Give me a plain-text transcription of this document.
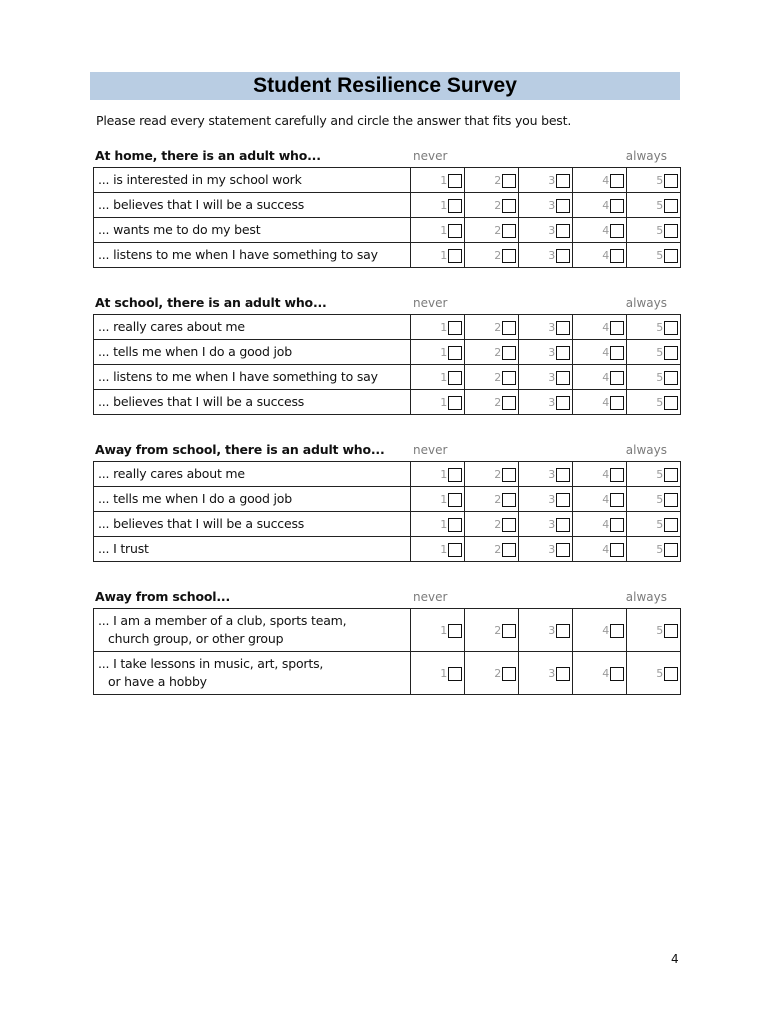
Student Resilience Survey
Please read every statement carefully and circle the answer that fits you best.
At home, there is an adult who...	never	always
... is interested in my school work	1	2	3	4	5

... believes that I will be a success	1	2	3	4	5

... wants me to do my best	1	2	3	4	5

... listens to me when I have something to say	1	2	3	4	5
At school, there is an adult who...	never	always
... really cares about me	1	2	3	4	5

... tells me when I do a good job	1	2	3	4	5

... listens to me when I have something to say	1	2	3	4	5

... believes that I will be a success	1	2	3	4	5
Away from school, there is an adult who... never	always
... really cares about me	1	2	3	4	5

... tells me when I do a good job	1	2	3	4	5

... believes that I will be a success	1	2	3	4	5

... I trust	1	2	3	4	5
Away from school...	never	always
... I am a member of a club, sports team,
church group, or other group	1	2	3	4	5

... I take lessons in music, art, sports,
or have a hobby	1	2	3	4	5
4
